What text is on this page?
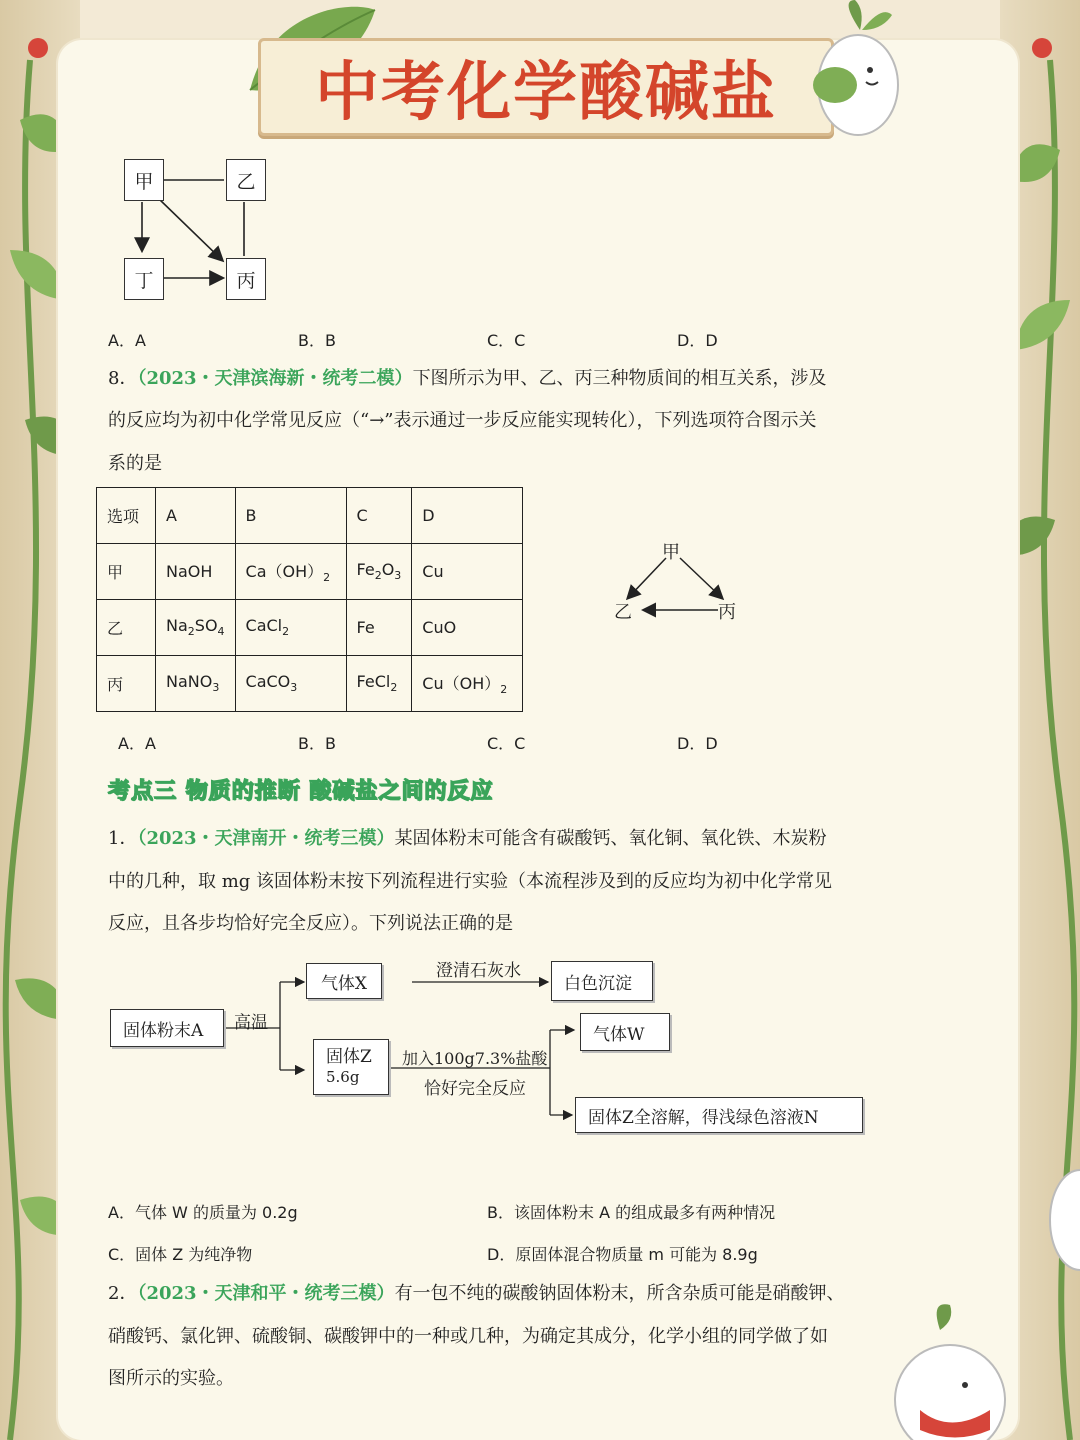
中考化学酸碱盐
甲	乙
丁	丙
A．A	B．B	C．C	D．D
8．（2023・天津滨海新・统考二模）下图所示为甲、乙、丙三种物质间的相互关系，涉及
的反应均为初中化学常见反应（“→”表示通过一步反应能实现转化），下列选项符合图示关
系的是
选项	A	B	C	D
甲	NaOH	$Ca(OH)_2$	$Fe_2O_3$	Cu
乙	$Na_2SO_4$	CaCl$_2$	Fe	CuO
丙	NaNO$_3$	CaCO$_3$	FeCl$_2$	$Cu(OH)_2$
甲
乙	丙
A．A	B．B	C．C	D．D
考点三 物质的推断 酸碱盐之间的反应
1．（2023・天津南开・统考三模）某固体粉末可能含有碳酸钙、氧化铜、氧化铁、木炭粉
中的几种，取 mg 该固体粉末按下列流程进行实验（本流程涉及到的反应均为初中化学常见
反应，且各步均恰好完全反应）。下列说法正确的是
固体粉末A	高温
气体X
澄清石灰水
白色沉淀
固体Z
5.6g
加入100g7.3%盐酸
恰好完全反应
气体W
固体Z全溶解，得浅绿色溶液N
A．气体 W 的质量为 0.2g	B．该固体粉末 A 的组成最多有两种情况
C．固体 Z 为纯净物	D．原固体混合物质量 m 可能为 8.9g
2．（2023・天津和平・统考三模）有一包不纯的碳酸钠固体粉末，所含杂质可能是硝酸钾、
硝酸钙、氯化钾、硫酸铜、碳酸钾中的一种或几种，为确定其成分，化学小组的同学做了如
图所示的实验。
